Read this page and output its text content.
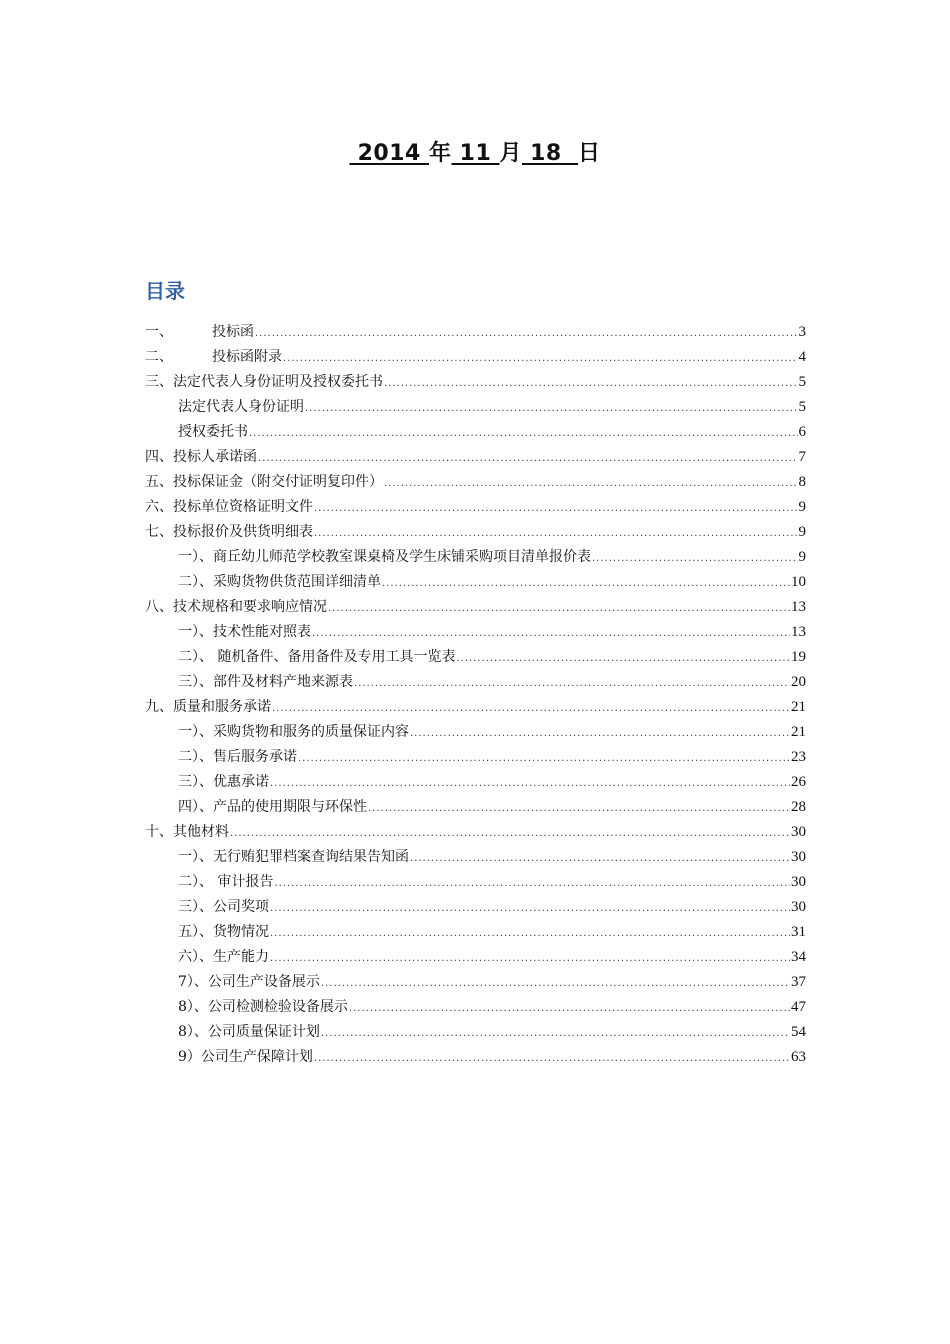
2014 年 11 月 18  日
目录
一、	投标函 .....	3
二、	投标函附录 .....	4
三、法定代表人身份证明及授权委托书 .....	5
法定代表人身份证明 .....	5
授权委托书 .....	6
四、投标人承诺函 .....	7
五、投标保证金（附交付证明复印件） .....	8
六、投标单位资格证明文件 .....	9
七、投标报价及供货明细表 .....	9
一）、商丘幼儿师范学校教室课桌椅及学生床铺采购项目清单报价表 .....	9
二）、采购货物供货范围详细清单 .....	10
八、技术规格和要求响应情况 .....	13
一）、技术性能对照表 .....	13
二）、 随机备件、备用备件及专用工具一览表 .....	19
三）、部件及材料产地来源表 .....	20
九、质量和服务承诺 .....	21
一）、采购货物和服务的质量保证内容 .....	21
二）、售后服务承诺 .....	23
三）、优惠承诺 .....	26
四）、产品的使用期限与环保性 .....	28
十、其他材料 .....	30
一）、无行贿犯罪档案查询结果告知函 .....	30
二）、 审计报告 .....	30
三）、公司奖项 .....	30
五）、货物情况 .....	31
六）、生产能力 .....	34
7）、公司生产设备展示 .....	37
8）、公司检测检验设备展示 .....	47
8）、公司质量保证计划 .....	54
9）公司生产保障计划 .....	63
